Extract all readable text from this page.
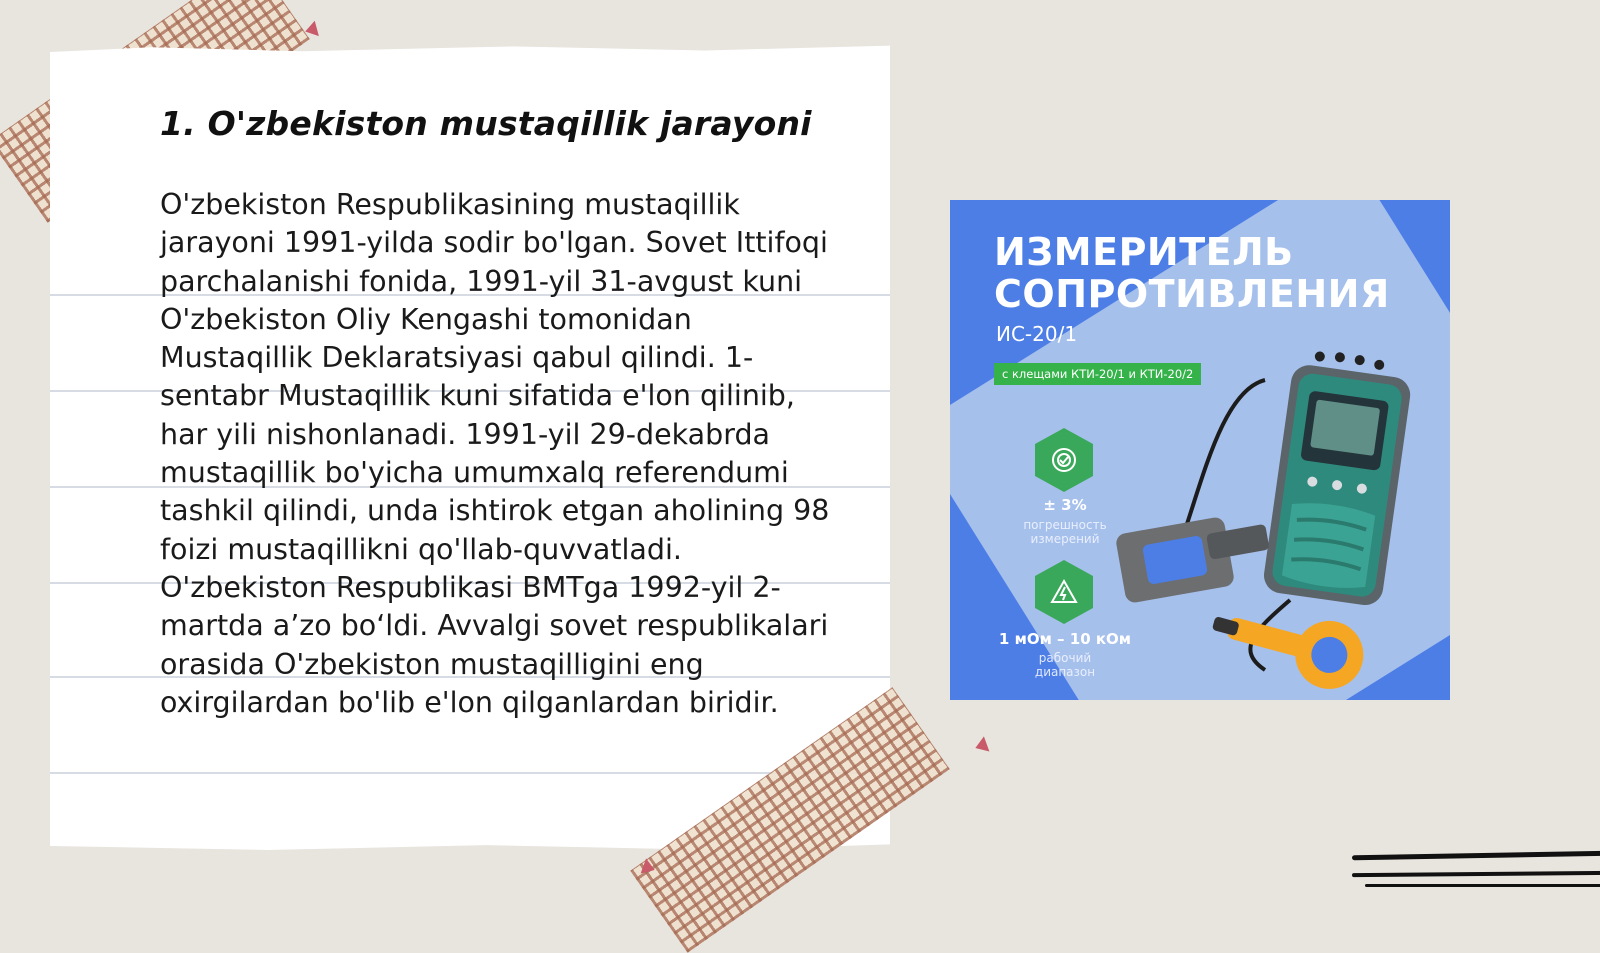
1. O'zbekiston mustaqillik jarayoni

O'zbekiston Respublikasining mustaqillik jarayoni 1991-yilda sodir bo'lgan. Sovet Ittifoqi parchalanishi fonida, 1991-yil 31-avgust kuni O'zbekiston Oliy Kengashi tomonidan Mustaqillik Deklaratsiyasi qabul qilindi. 1-sentabr Mustaqillik kuni sifatida e'lon qilinib, har yili nishonlanadi. 1991-yil 29-dekabrda mustaqillik bo'yicha umumxalq referendumi tashkil qilindi, unda ishtirok etgan aholining 98 foizi mustaqillikni qo'llab-quvvatladi. O'zbekiston Respublikasi BMTga 1992-yil 2-martda a’zo bo‘ldi. Avvalgi sovet respublikalari orasida O'zbekiston mustaqilligini eng oxirgilardan bo'lib e'lon qilganlardan biridir.

ИЗМЕРИТЕЛЬ
СОПРОТИВЛЕНИЯ
ИС-20/1
с клещами КТИ-20/1 и КТИ-20/2
± 3%
погрешность измерений
1 мОм – 10 кОм
рабочий диапазон
